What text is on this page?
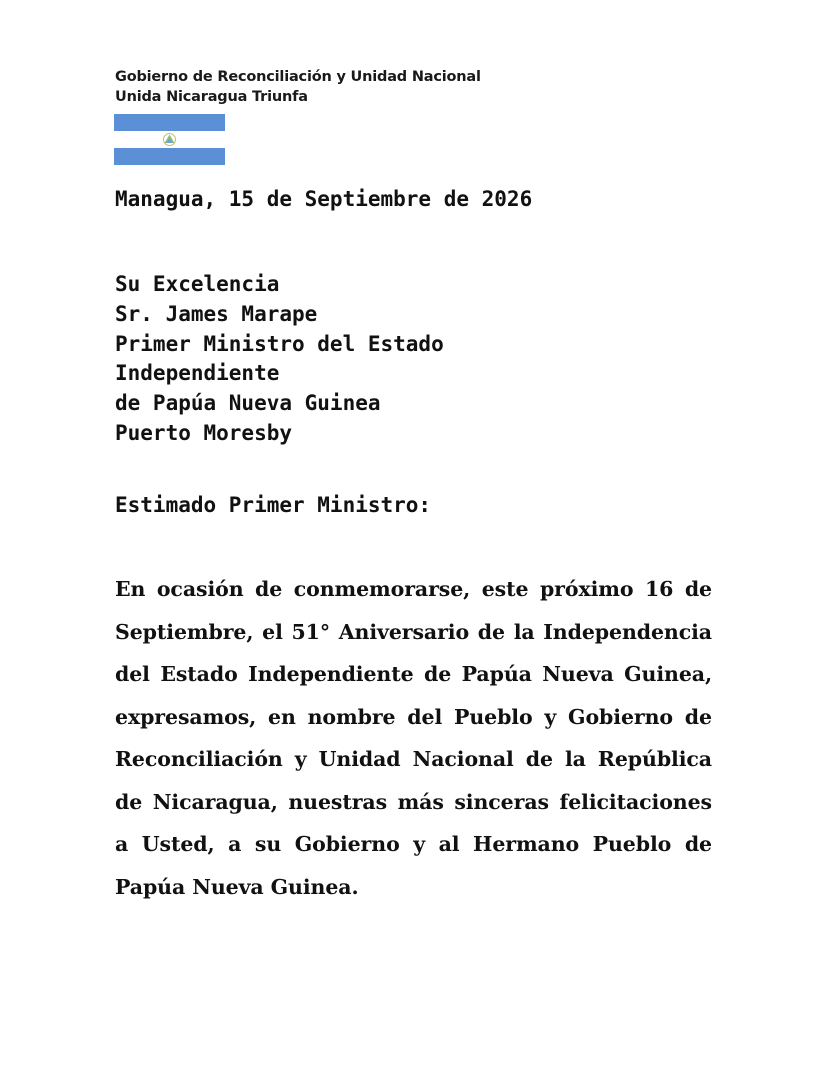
Gobierno de Reconciliación y Unidad Nacional
Unida Nicaragua Triunfa
Managua, 15 de Septiembre de 2026
Su Excelencia
Sr. James Marape
Primer Ministro del Estado
Independiente
de Papúa Nueva Guinea
Puerto Moresby
Estimado Primer Ministro:
En ocasión de conmemorarse, este próximo 16 de Septiembre, el 51° Aniversario de la Independencia del Estado Independiente de Papúa Nueva Guinea, expresamos, en nombre del Pueblo y Gobierno de Reconciliación y Unidad Nacional de la República de Nicaragua, nuestras más sinceras felicitaciones a Usted, a su Gobierno y al Hermano Pueblo de Papúa Nueva Guinea.
